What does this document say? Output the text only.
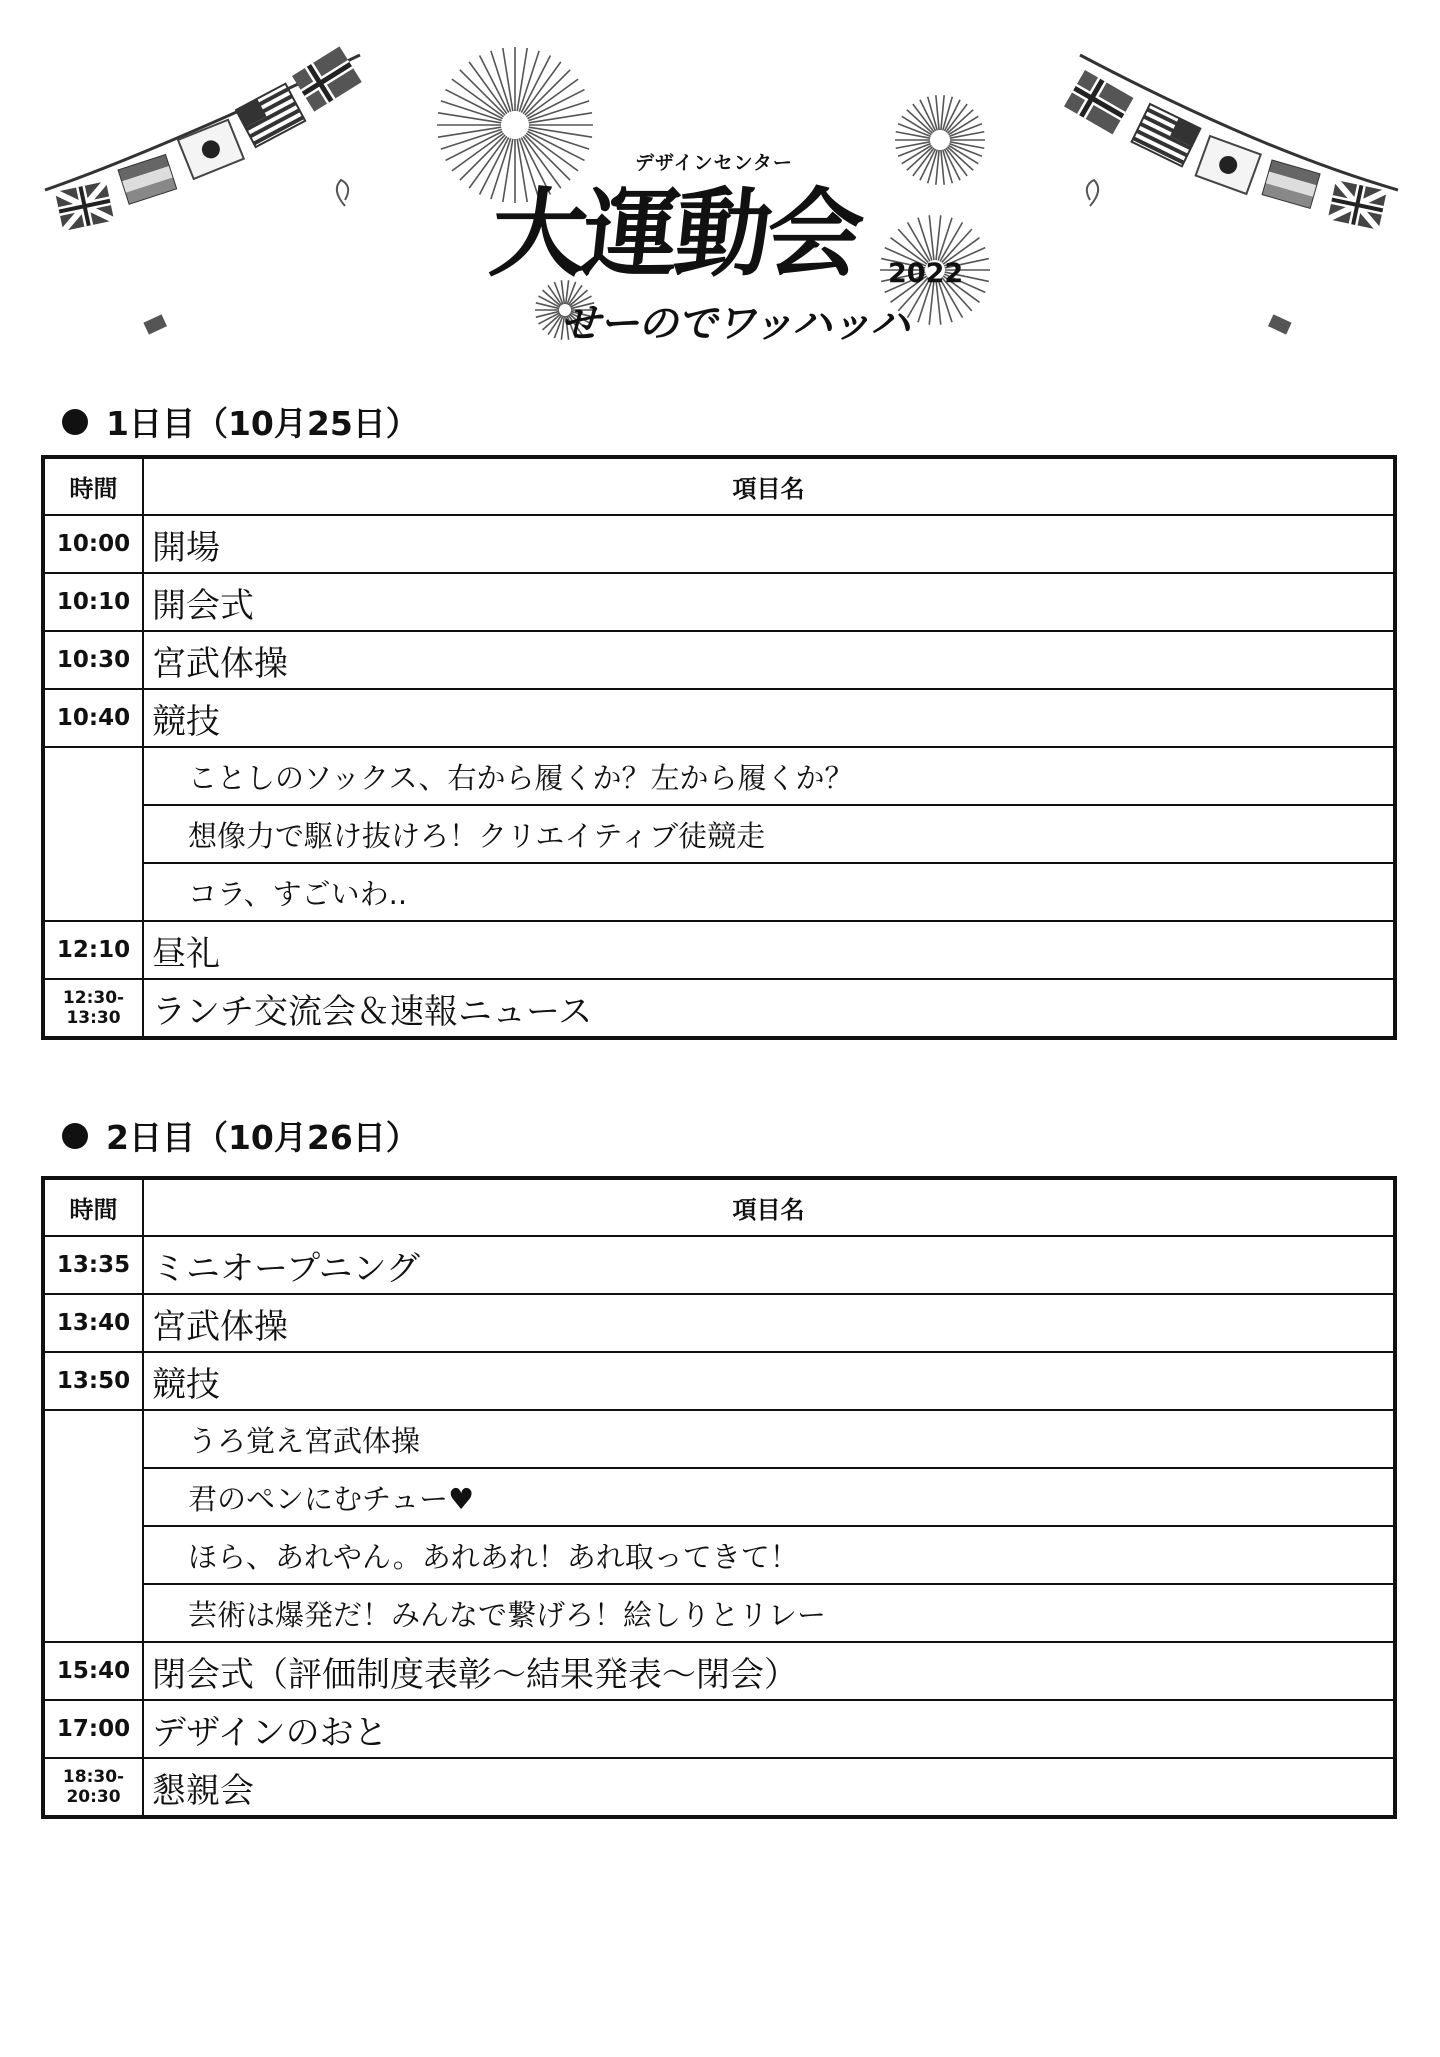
デザインセンター
大運動会 2022
せーのでワッハッハ
1日目（10月25日）
時間	項目名
10:00	開場
10:10	開会式
10:30	宮武体操
10:40	競技
	ことしのソックス、右から履くか？左から履くか？
	想像力で駆け抜けろ！クリエイティブ徒競走
	コラ、すごいわ..
12:10	昼礼
12:30-
13:30	ランチ交流会＆速報ニュース
2日目（10月26日）
時間	項目名
13:35	ミニオープニング
13:40	宮武体操
13:50	競技
	うろ覚え宮武体操
	君のペンにむチュー♥
	ほら、あれやん。あれあれ！あれ取ってきて！
	芸術は爆発だ！みんなで繋げろ！絵しりとリレー
15:40	閉会式（評価制度表彰～結果発表～閉会）
17:00	デザインのおと
18:30-
20:30	懇親会
